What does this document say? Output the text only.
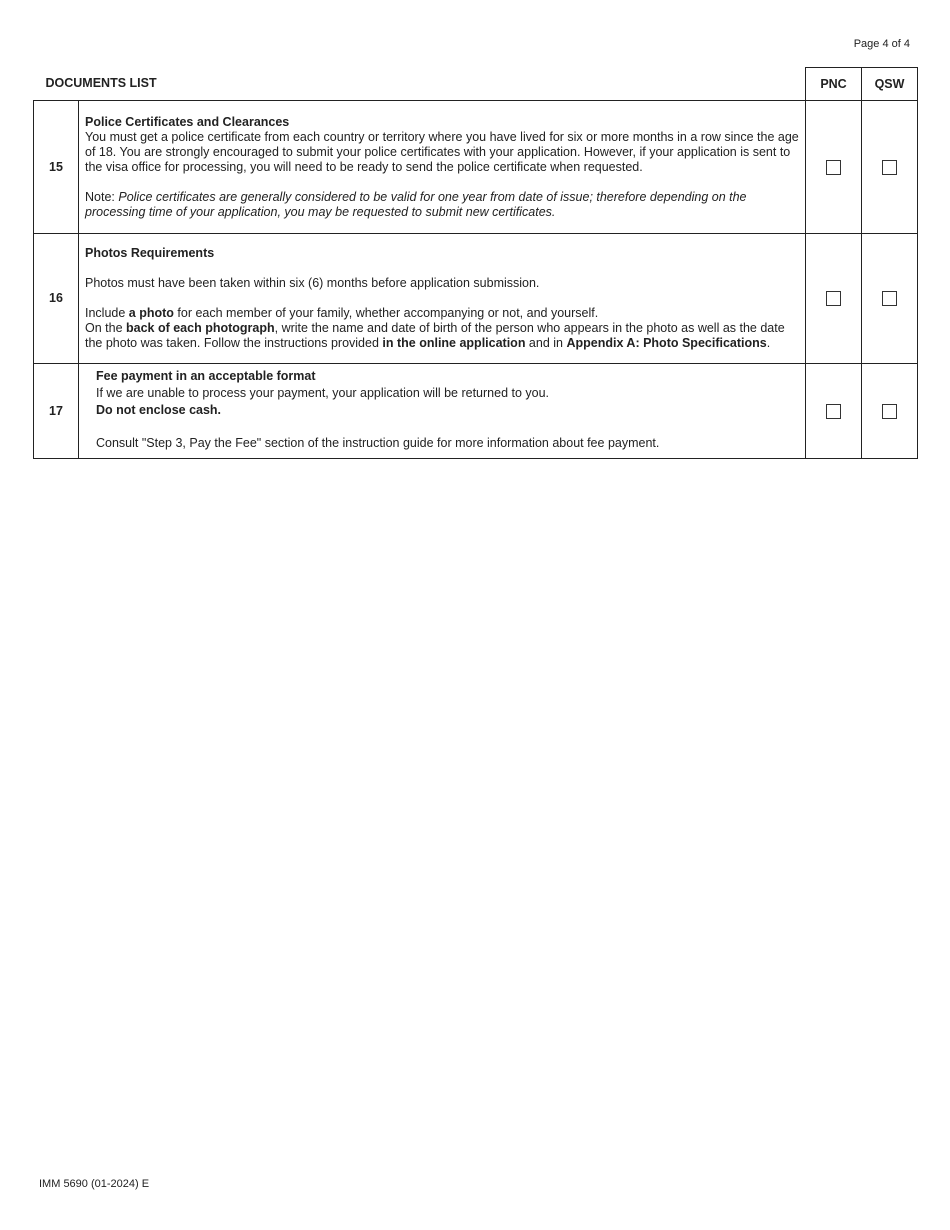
Page 4 of 4
DOCUMENTS LIST		PNC	QSW
15	Police Certificates and Clearances

You must get a police certificate from each country or territory where you have lived for six or more months in a row since the age of 18. You are strongly encouraged to submit your police certificates with your application. However, if your application is sent to the visa office for processing, you will need to be ready to send the police certificate when requested.

Note: Police certificates are generally considered to be valid for one year from date of issue; therefore depending on the processing time of your application, you may be requested to submit new certificates.		

16	Photos Requirements

Photos must have been taken within six (6) months before application submission.

Include a photo for each member of your family, whether accompanying or not, and yourself.

On the back of each photograph, write the name and date of birth of the person who appears in the photo as well as the date the photo was taken. Follow the instructions provided in the online application and in Appendix A: Photo Specifications.		

17	Fee payment in an acceptable format

If we are unable to process your payment, your application will be returned to you.

Do not enclose cash.

Consult "Step 3, Pay the Fee" section of the instruction guide for more information about fee payment.		

IMM 5690 (01-2024) E
